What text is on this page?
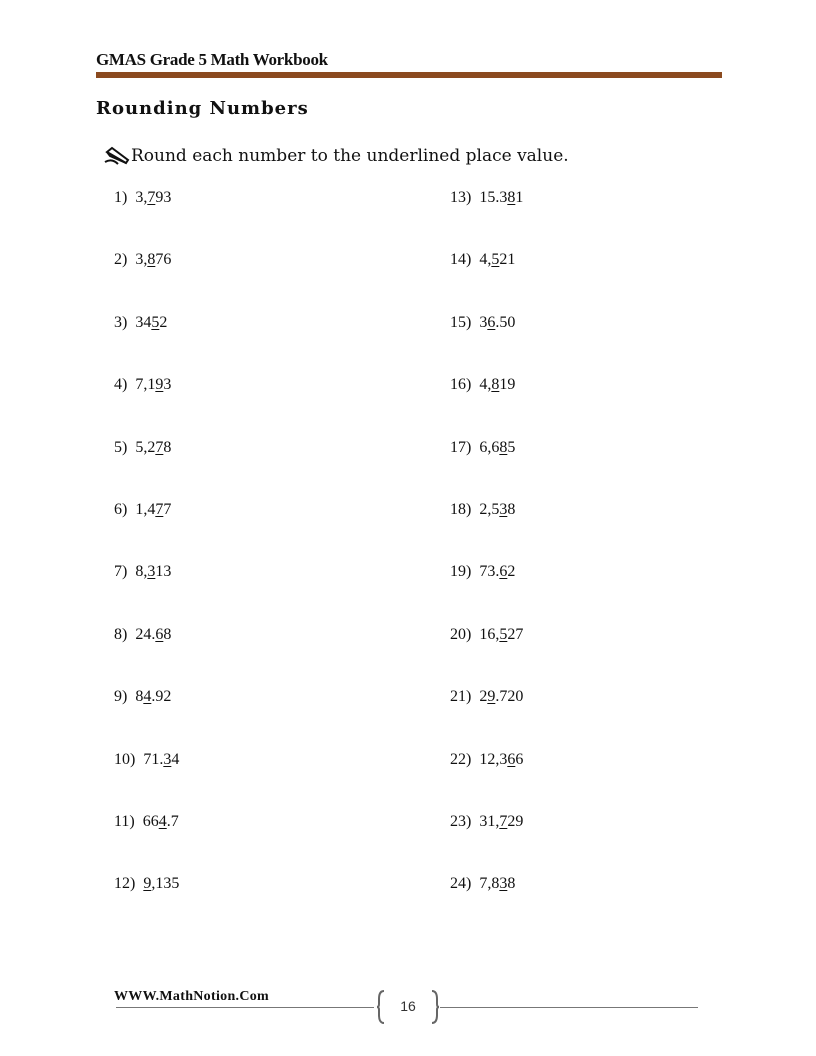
GMAS Grade 5 Math Workbook
Rounding Numbers
Round each number to the underlined place value.
1) 3,793
2) 3,876
3) 3452
4) 7,193
5) 5,278
6) 1,477
7) 8,313
8) 24.68
9) 84.92
10) 71.34
11) 664.7
12) 9,135
13) 15.381
14) 4,521
15) 36.50
16) 4,819
17) 6,685
18) 2,538
19) 73.62
20) 16,527
21) 29.720
22) 12,366
23) 31,729
24) 7,838
WWW.MathNotion.Com
16
